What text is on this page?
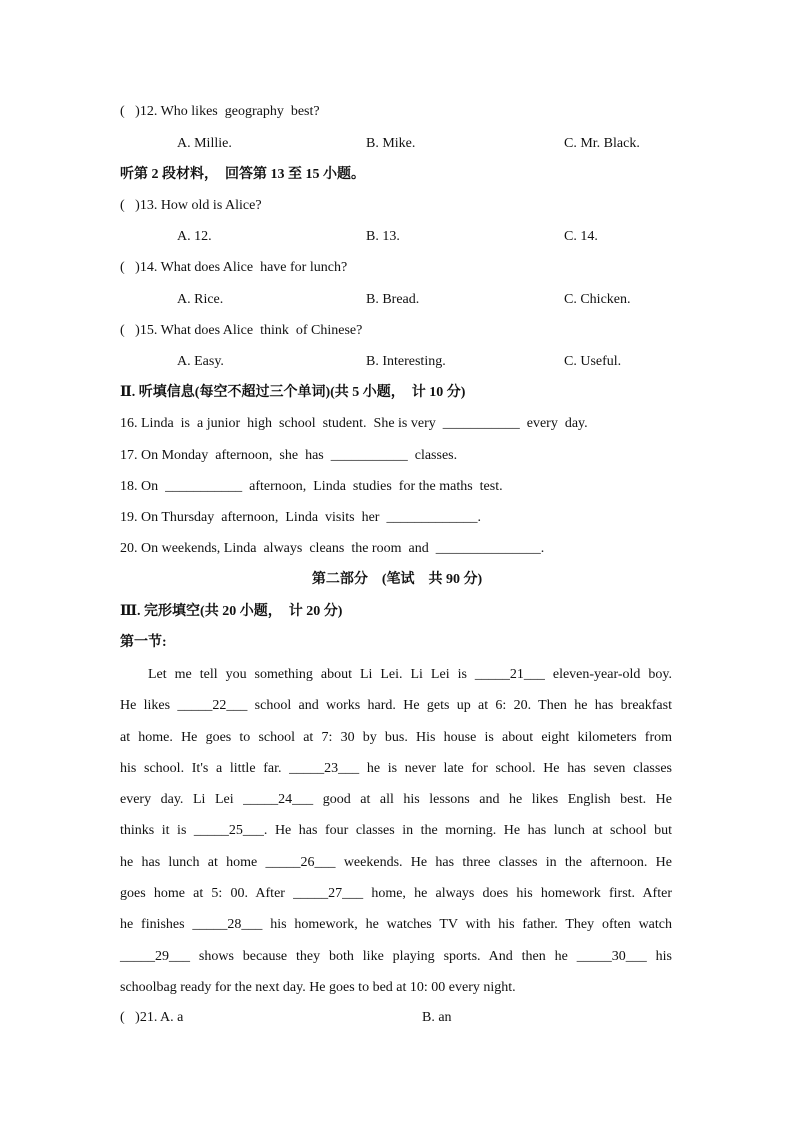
(   )12. Who likes  geography  best?
A. Millie.	B. Mike.	C. Mr. Black.
听第 2 段材料，  回答第 13 至 15 小题。
(   )13. How old is Alice?
A. 12.	B. 13.	C. 14.
(   )14. What does Alice  have for lunch?
A. Rice.	B. Bread.	C. Chicken.
(   )15. What does Alice  think  of Chinese?
A. Easy.	B. Interesting.	C. Useful.
Ⅱ. 听填信息(每空不超过三个单词)(共 5 小题，  计 10 分)
16. Linda  is  a junior  high  school  student.  She is very  ___________  every  day.
17. On Monday  afternoon,  she  has  ___________  classes.
18. On  ___________  afternoon,  Linda  studies  for the maths  test.
19. On Thursday  afternoon,  Linda  visits  her  _____________.
20. On weekends, Linda  always  cleans  the room  and  _______________.
第二部分    (笔试    共 90 分)
Ⅲ. 完形填空(共 20 小题，  计 20 分)
第一节:
Let me tell you something about Li Lei. Li Lei is _____21___ eleven-year-old boy.
He likes _____22___ school and works hard. He gets up at 6: 20. Then he has breakfast
at home. He goes to school at 7: 30 by bus. His house is about eight kilometers from
his school. It's a little far. _____23___ he is never late for school. He has seven classes
every day. Li Lei _____24___ good at all his lessons and he likes English best. He
thinks it is _____25___. He has four classes in the morning. He has lunch at school but
he has lunch at home _____26___ weekends. He has three classes in the afternoon. He
goes home at 5: 00. After _____27___ home, he always does his homework first. After
he finishes _____28___ his homework, he watches TV with his father. They often watch
_____29___ shows because they both like playing sports. And then he _____30___ his
schoolbag ready for the next day. He goes to bed at 10: 00 every night.
(   )21. A. a	B. an
